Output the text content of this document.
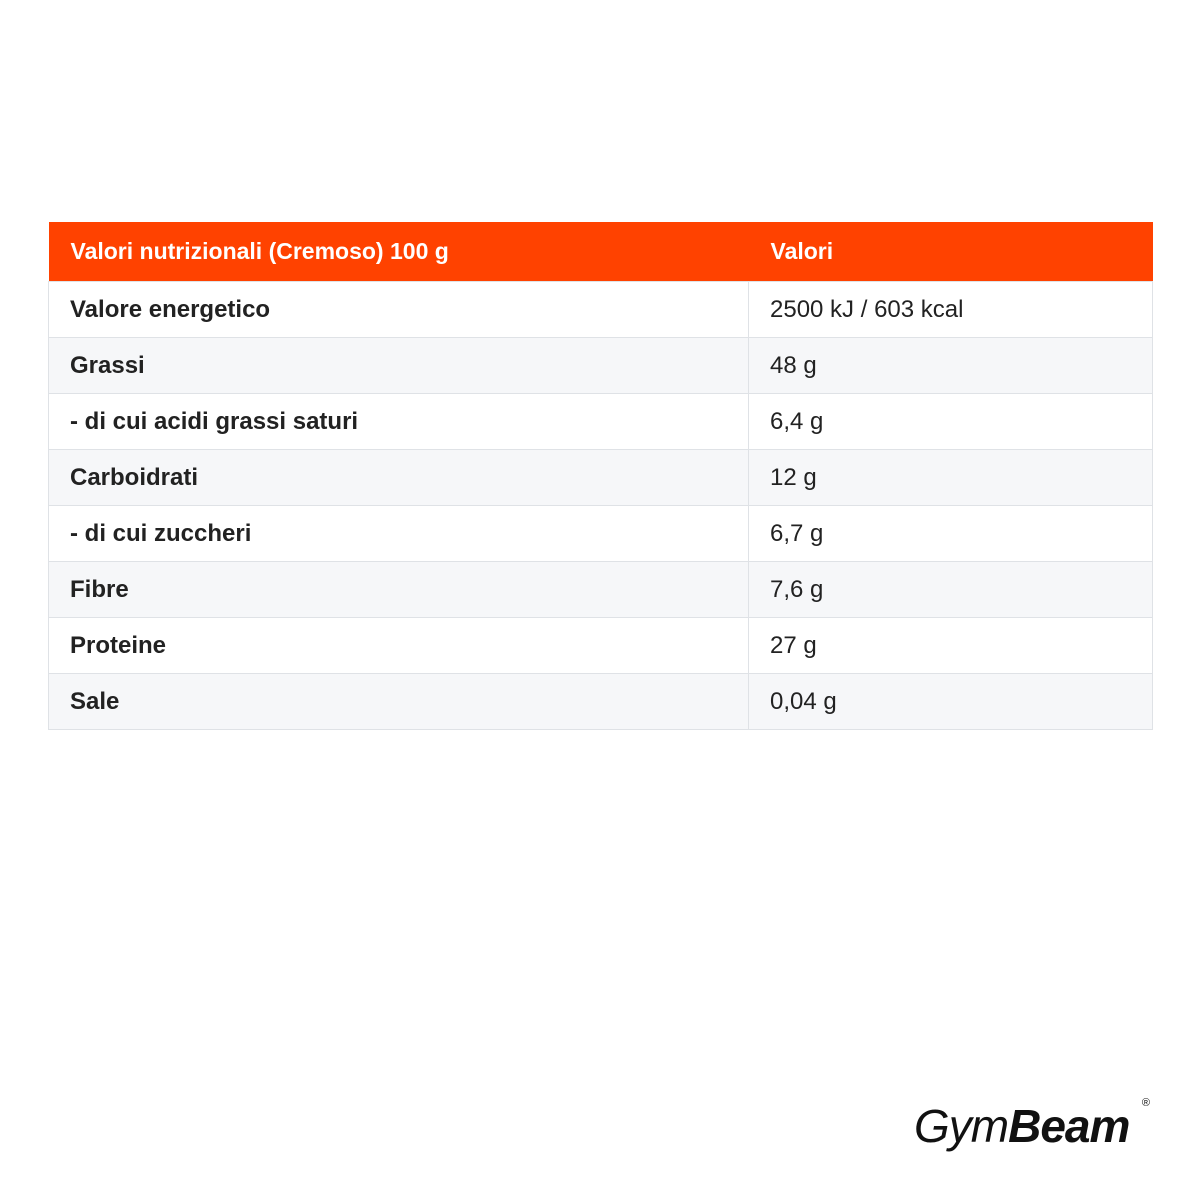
Valori nutrizionali (Cremoso) 100 g	Valori
Valore energetico	2500 kJ / 603 kcal
Grassi	48 g
- di cui acidi grassi saturi	6,4 g
Carboidrati	12 g
- di cui zuccheri	6,7 g
Fibre	7,6 g
Proteine	27 g
Sale	0,04 g
GymBeam ®
